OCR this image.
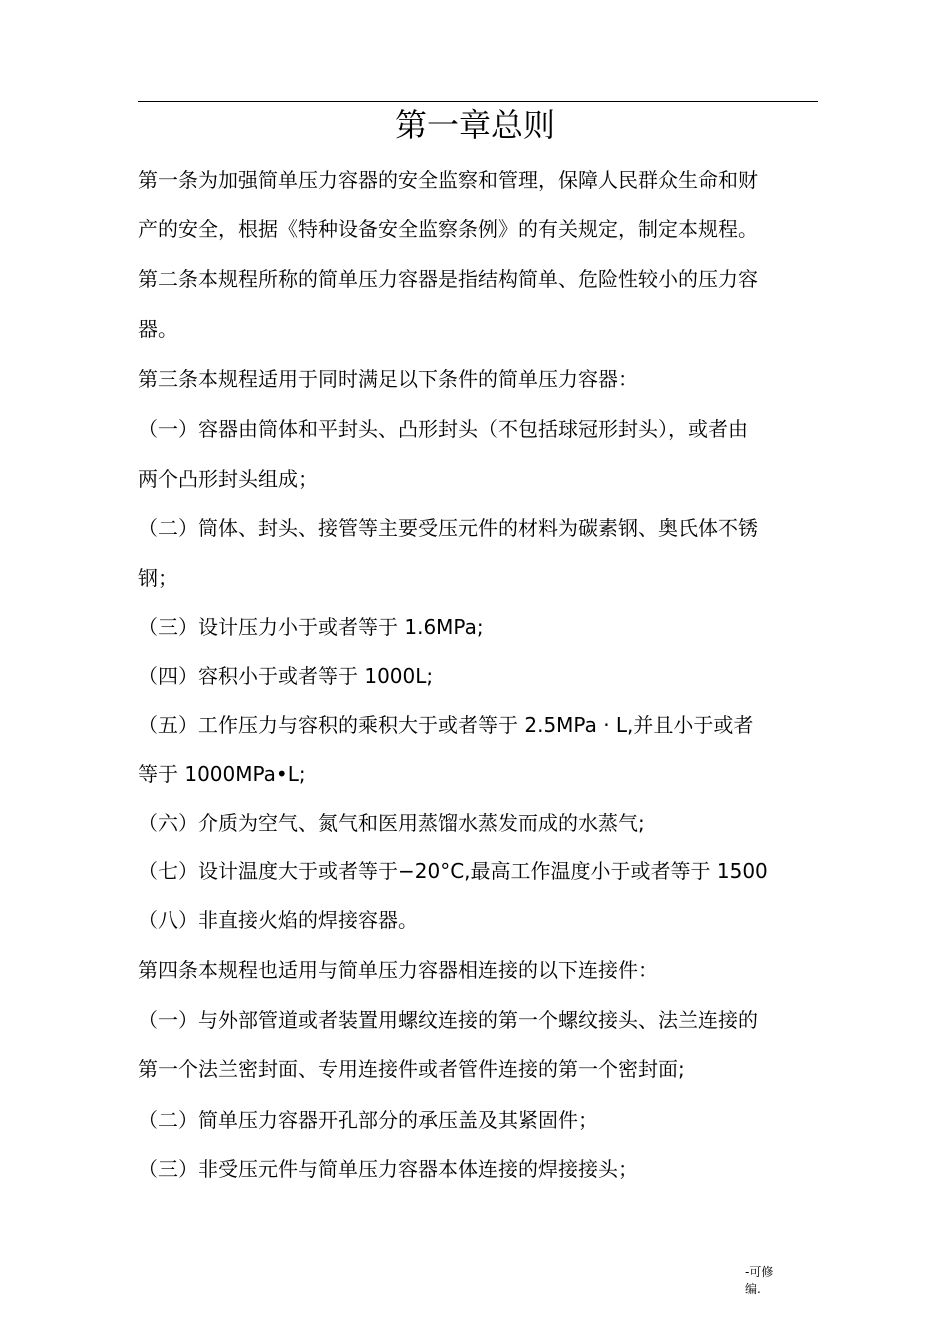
第一章总则

第一条为加强简单压力容器的安全监察和管理，保障人民群众生命和财

产的安全，根据《特种设备安全监察条例》的有关规定，制定本规程。

第二条本规程所称的简单压力容器是指结构简单、危险性较小的压力容

器。

第三条本规程适用于同时满足以下条件的简单压力容器：

（一）容器由筒体和平封头、凸形封头（不包括球冠形封头），或者由

两个凸形封头组成；

（二）筒体、封头、接管等主要受压元件的材料为碳素钢、奥氏体不锈

钢；

（三）设计压力小于或者等于 1.6MPa;

（四）容积小于或者等于 1000L;

（五）工作压力与容积的乘积大于或者等于 2.5MPa · L,并且小于或者

等于 1000MPa•L;

（六）介质为空气、氮气和医用蒸馏水蒸发而成的水蒸气;

（七）设计温度大于或者等于−20°C,最高工作温度小于或者等于 1500

（八）非直接火焰的焊接容器。

第四条本规程也适用与简单压力容器相连接的以下连接件：

（一）与外部管道或者装置用螺纹连接的第一个螺纹接头、法兰连接的

第一个法兰密封面、专用连接件或者管件连接的第一个密封面;

（二）简单压力容器开孔部分的承压盖及其紧固件；

（三）非受压元件与简单压力容器本体连接的焊接接头；

-可修
编.
